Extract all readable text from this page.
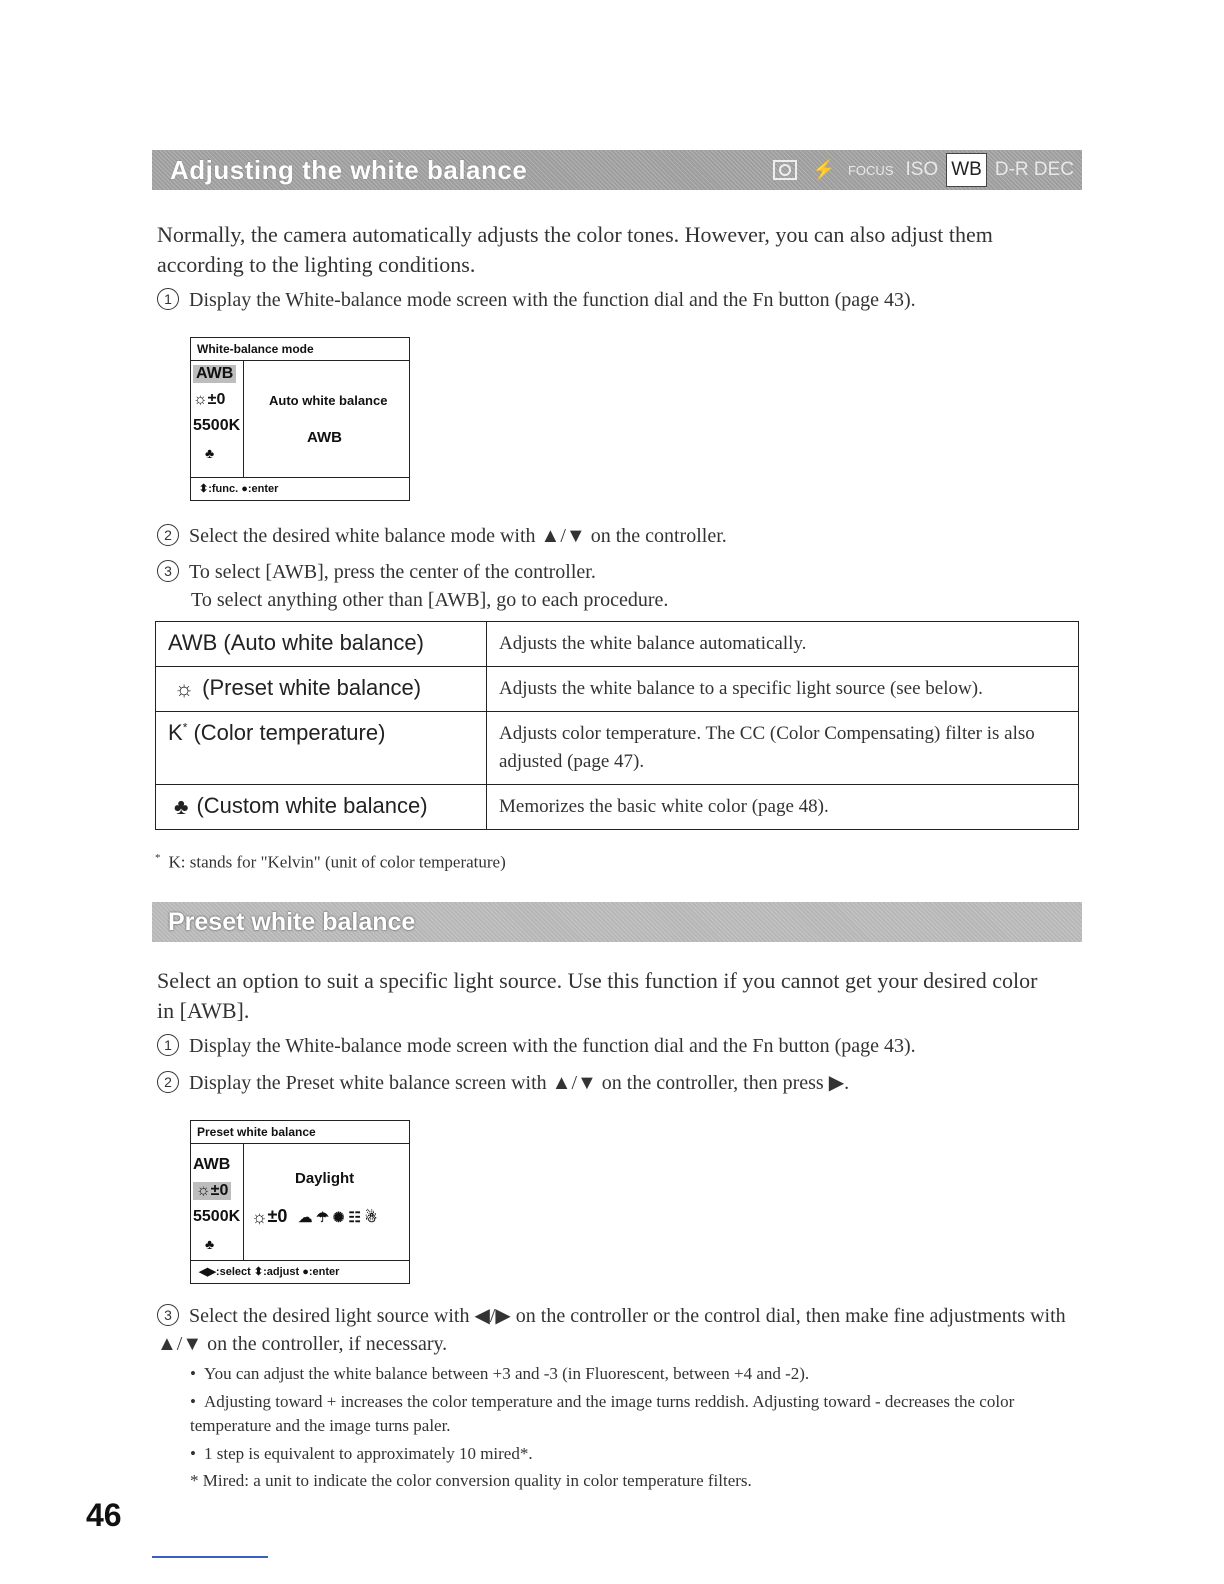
Adjusting the white balance	⚡ FOCUS ISO WB D-R DEC
Normally, the camera automatically adjusts the color tones. However, you can also adjust them according to the lighting conditions.
1 Display the White-balance mode screen with the function dial and the Fn button (page 43).
White-balance mode
AWB
☼±0
5500K
♣
Auto white balance
AWB
⬍:func. ●:enter
2 Select the desired white balance mode with ▲/▼ on the controller.
3 To select [AWB], press the center of the controller.
To select anything other than [AWB], go to each procedure.
AWB (Auto white balance)	Adjusts the white balance automatically.
☼ (Preset white balance)	Adjusts the white balance to a specific light source (see below).
K* (Color temperature)	Adjusts color temperature. The CC (Color Compensating) filter is also adjusted (page 47).
♣ (Custom white balance)	Memorizes the basic white color (page 48).
* K: stands for "Kelvin" (unit of color temperature)
Preset white balance
Select an option to suit a specific light source. Use this function if you cannot get your desired color in [AWB].
1 Display the White-balance mode screen with the function dial and the Fn button (page 43).
2 Display the Preset white balance screen with ▲/▼ on the controller, then press ▶.
Preset white balance
AWB
☼±0
5500K
♣
Daylight
☼±0 ☁ ☂ ✺ ☷ ☃
◀▶:select ⬍:adjust ●:enter
3 Select the desired light source with ◀/▶ on the controller or the control dial, then make fine adjustments with ▲/▼ on the controller, if necessary.
• You can adjust the white balance between +3 and -3 (in Fluorescent, between +4 and -2).
• Adjusting toward + increases the color temperature and the image turns reddish. Adjusting toward - decreases the color temperature and the image turns paler.
• 1 step is equivalent to approximately 10 mired*.
* Mired: a unit to indicate the color conversion quality in color temperature filters.
46
